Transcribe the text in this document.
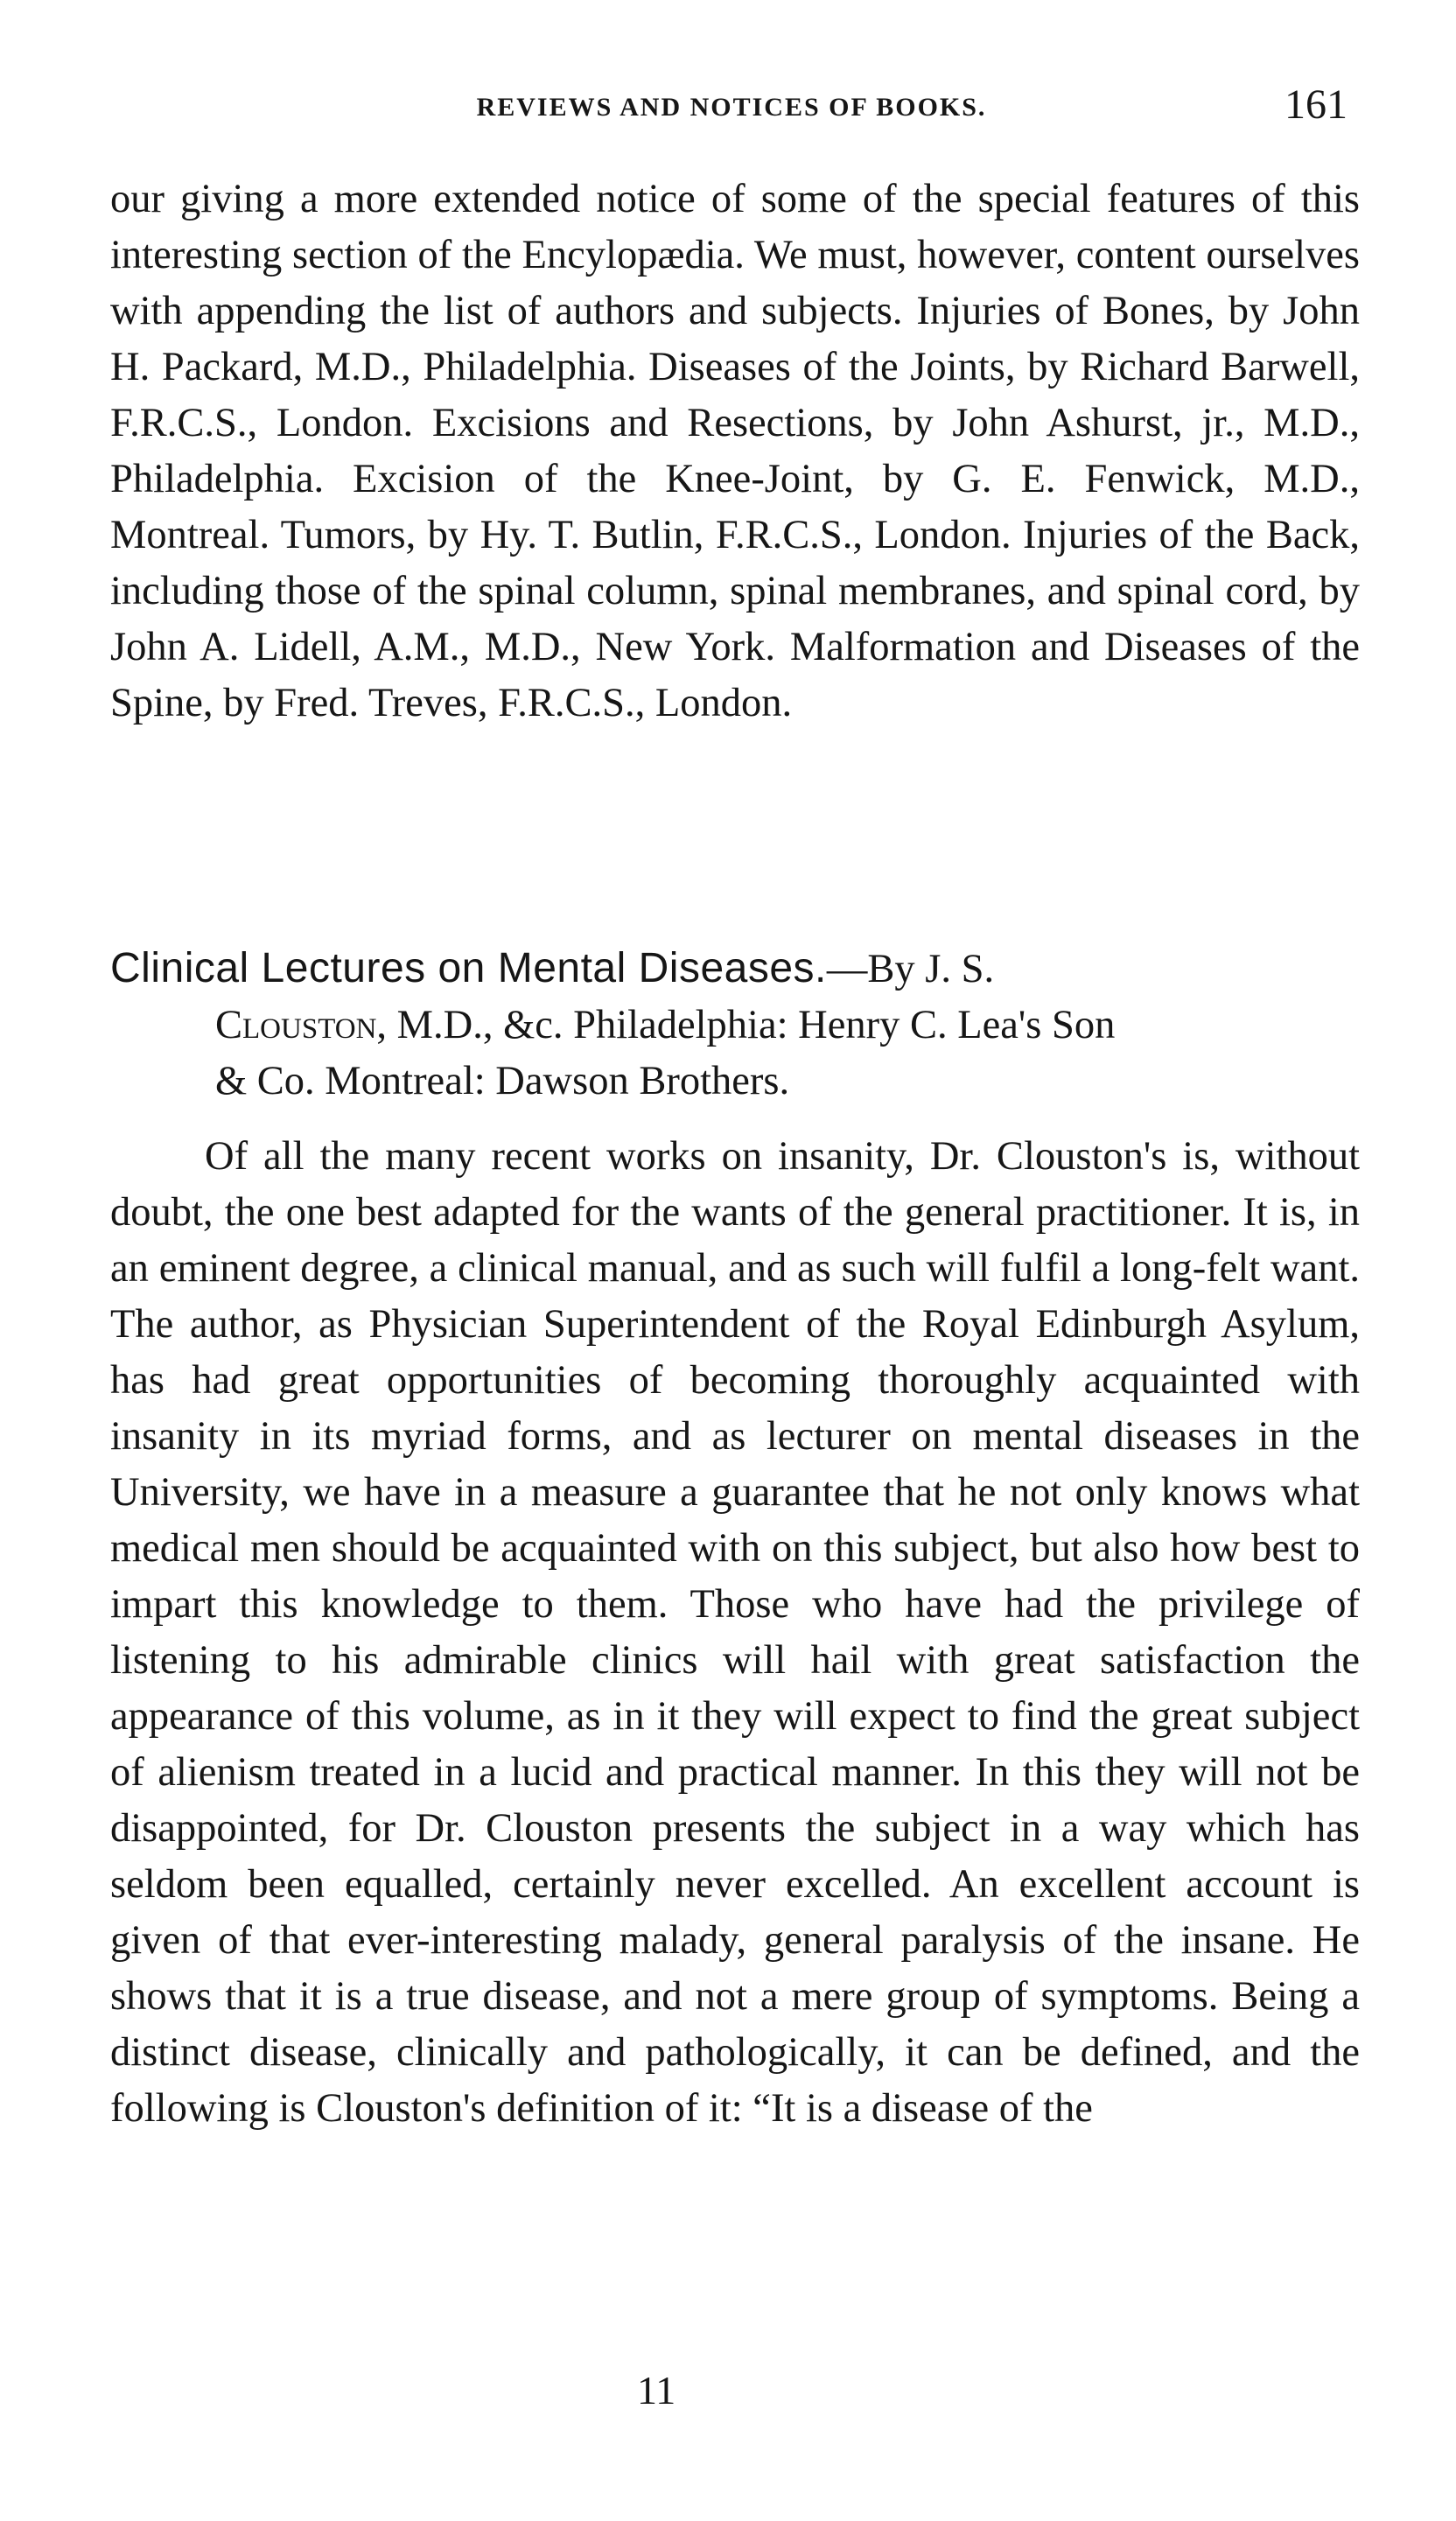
REVIEWS AND NOTICES OF BOOKS.	161

our giving a more extended notice of some of the special features of this interesting section of the Encylopædia. We must, however, content ourselves with appending the list of authors and subjects. Injuries of Bones, by John H. Packard, M.D., Philadelphia. Diseases of the Joints, by Richard Barwell, F.R.C.S., London. Excisions and Resections, by John Ashurst, jr., M.D., Philadelphia. Excision of the Knee-Joint, by G. E. Fenwick, M.D., Montreal. Tumors, by Hy. T. Butlin, F.R.C.S., London. Injuries of the Back, including those of the spinal column, spinal membranes, and spinal cord, by John A. Lidell, A.M., M.D., New York. Malformation and Diseases of the Spine, by Fred. Treves, F.R.C.S., London.

Clinical Lectures on Mental Diseases.—By J. S.
Clouston, M.D., &c. Philadelphia: Henry C. Lea's Son
& Co. Montreal: Dawson Brothers.

Of all the many recent works on insanity, Dr. Clouston's is, without doubt, the one best adapted for the wants of the general practitioner. It is, in an eminent degree, a clinical manual, and as such will fulfil a long-felt want. The author, as Physician Superintendent of the Royal Edinburgh Asylum, has had great opportunities of becoming thoroughly acquainted with insanity in its myriad forms, and as lecturer on mental diseases in the University, we have in a measure a guarantee that he not only knows what medical men should be acquainted with on this subject, but also how best to impart this knowledge to them. Those who have had the privilege of listening to his admirable clinics will hail with great satisfaction the appearance of this volume, as in it they will expect to find the great subject of alienism treated in a lucid and practical manner. In this they will not be disappointed, for Dr. Clouston presents the subject in a way which has seldom been equalled, certainly never excelled. An excellent account is given of that ever-interesting malady, general paralysis of the insane. He shows that it is a true disease, and not a mere group of symptoms. Being a distinct disease, clinically and pathologically, it can be defined, and the following is Clouston's definition of it: “It is a disease of the

11
